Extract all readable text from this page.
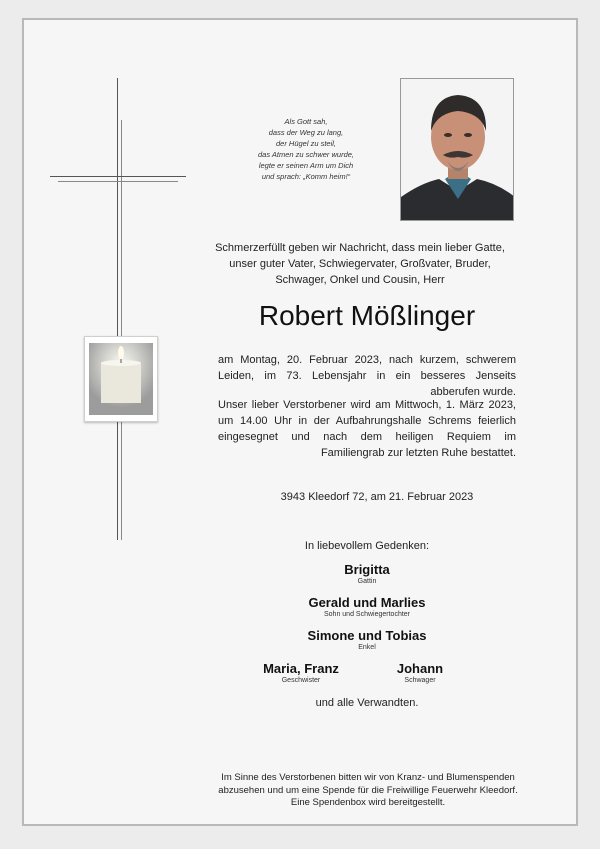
Als Gott sah,
dass der Weg zu lang,
der Hügel zu steil,
das Atmen zu schwer wurde,
legte er seinen Arm um Dich
und sprach: „Komm heim!“
Schmerzerfüllt geben wir Nachricht, dass mein lieber Gatte, unser guter Vater, Schwiegervater, Großvater, Bruder, Schwager, Onkel und Cousin, Herr
Robert Mößlinger
am Montag, 20. Februar 2023, nach kurzem, schwerem Leiden, im 73. Lebensjahr in ein besseres Jenseits abberufen wurde.
Unser lieber Verstorbener wird am Mittwoch, 1. März 2023, um 14.00 Uhr in der Aufbahrungshalle Schrems feierlich eingesegnet und nach dem heiligen Requiem im Familiengrab zur letzten Ruhe bestattet.
3943 Kleedorf 72, am 21. Februar 2023
In liebevollem Gedenken:
Brigitta
Gattin
Gerald und Marlies
Sohn und Schwiegertochter
Simone und Tobias
Enkel
Maria, Franz
Geschwister
Johann
Schwager
und alle Verwandten.
Im Sinne des Verstorbenen bitten wir von Kranz- und Blumenspenden
abzusehen und um eine Spende für die Freiwillige Feuerwehr Kleedorf.
Eine Spendenbox wird bereitgestellt.
